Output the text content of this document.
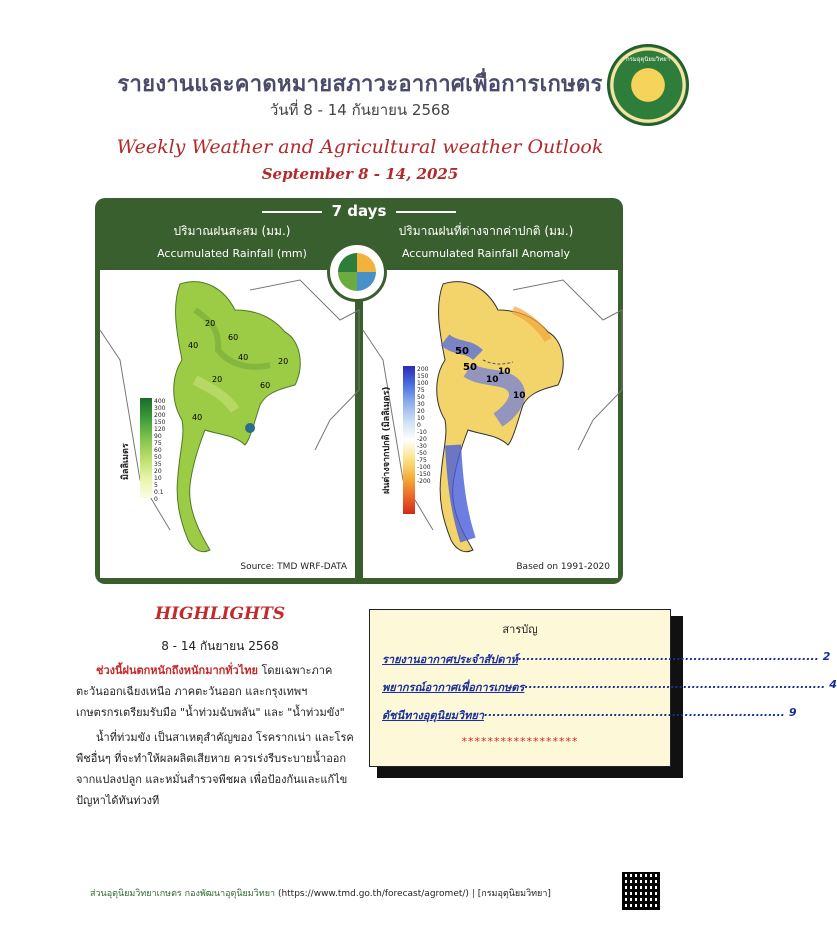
รายงานและคาดหมายสภาวะอากาศเพื่อการเกษตร
วันที่ 8 - 14 กันยายน 2568
กรมอุตุนิยมวิทยา
Weekly Weather and Agricultural weather Outlook
September 8 - 14, 2025
7 days
ปริมาณฝนสะสม (มม.)
Accumulated Rainfall (mm)
ปริมาณฝนที่ต่างจากค่าปกติ (มม.)
Accumulated Rainfall Anomaly
20
40
60
40
20
20
60
40
400
300
200
150
120
90
75
60
50
35
20
10
5
0.1
0
มิลลิเมตร
Source: TMD WRF-DATA
50
10
10
50
10
200
150
100
75
50
30
20
10
0
-10
-20
-30
-50
-75
-100
-150
-200
ฝนต่างจากปกติ (มิลลิเมตร)
Based on 1991-2020
HIGHLIGHTS
8 - 14 กันยายน 2568

ช่วงนี้ฝนตกหนักถึงหนักมากทั่วไทย โดยเฉพาะภาคตะวันออกเฉียงเหนือ ภาคตะวันออก และกรุงเทพฯ เกษตรกรเตรียมรับมือ "น้ำท่วมฉับพลัน" และ "น้ำท่วมขัง"

น้ำที่ท่วมขัง เป็นสาเหตุสำคัญของ โรครากเน่า และโรคพืชอื่นๆ ที่จะทำให้ผลผลิตเสียหาย ควรเร่งรีบระบายน้ำออกจากแปลงปลูก และหมั่นสำรวจพืชผล เพื่อป้องกันและแก้ไขปัญหาได้ทันท่วงที

สารบัญ
รายงานอากาศประจำสัปดาห์ ........................................................................ 2
พยากรณ์อากาศเพื่อการเกษตร ........................................................................ 4
ดัชนีทางอุตุนิยมวิทยา ........................................................................ 9
******************
ส่วนอุตุนิยมวิทยาเกษตร กองพัฒนาอุตุนิยมวิทยา (https://www.tmd.go.th/forecast/agromet/) | [กรมอุตุนิยมวิทยา]
